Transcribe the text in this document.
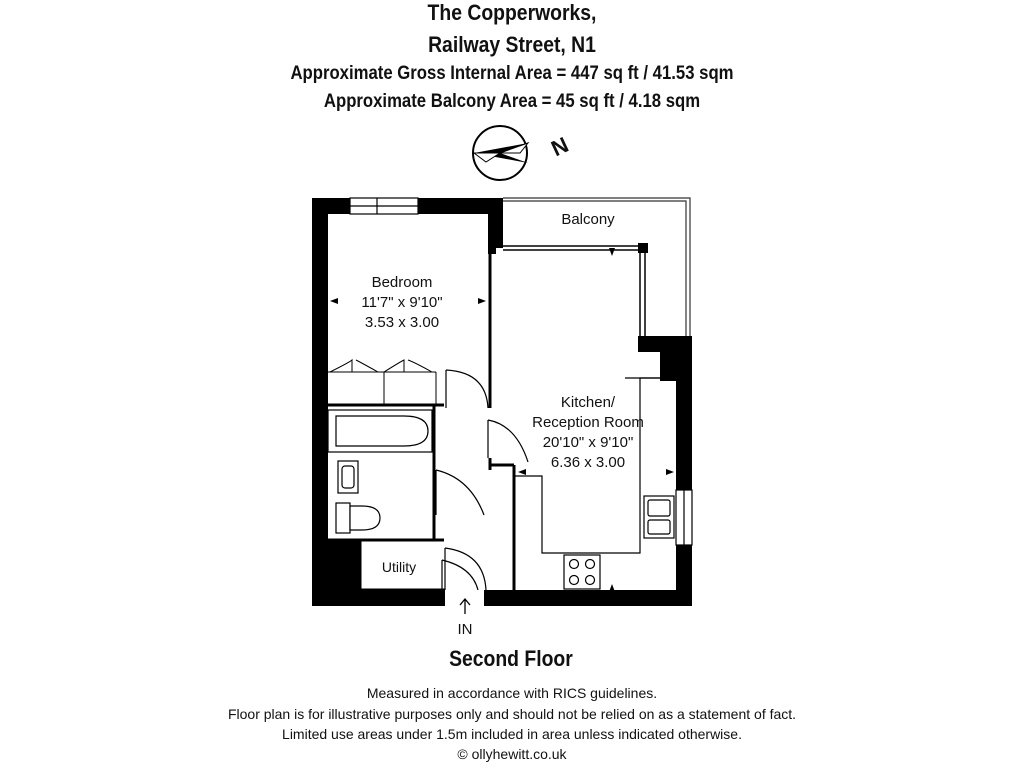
The Copperworks,
Railway Street, N1
Approximate Gross Internal Area = 447 sq ft / 41.53 sqm
Approximate Balcony Area = 45 sq ft / 4.18 sqm
N
Bedroom
11'7" x 9'10"
3.53 x 3.00
Balcony
Kitchen/
Reception Room
20'10" x 9'10"
6.36 x 3.00
Utility
IN
Second Floor
Measured in accordance with RICS guidelines.
Floor plan is for illustrative purposes only and should not be relied on as a statement of fact.
Limited use areas under 1.5m included in area unless indicated otherwise.
© ollyhewitt.co.uk
